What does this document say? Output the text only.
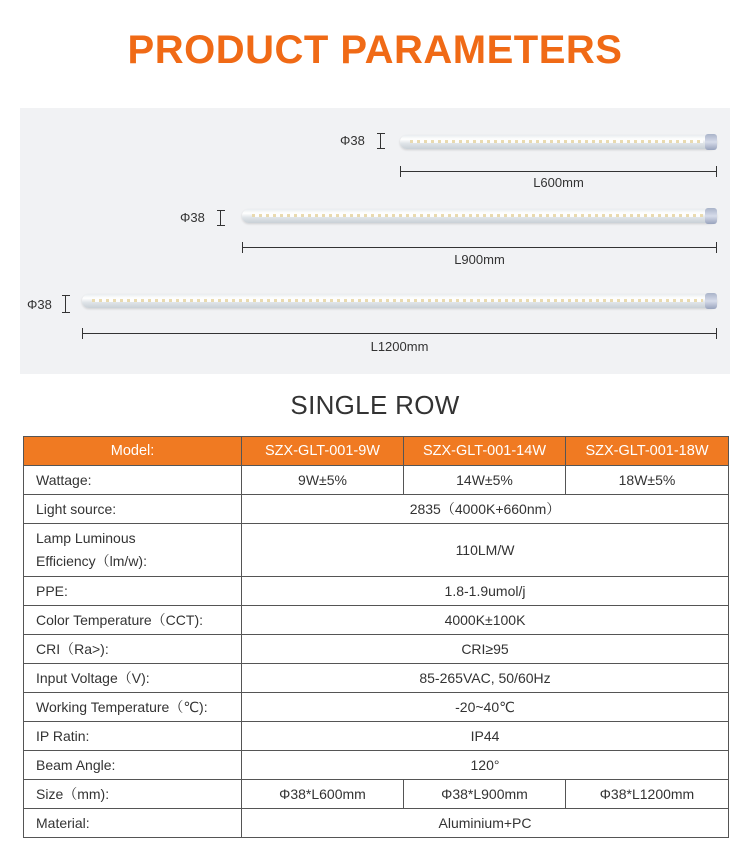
PRODUCT PARAMETERS
Φ38
L600mm
Φ38
L900mm
Φ38
L1200mm
SINGLE ROW
Model:	SZX-GLT-001-9W	SZX-GLT-001-14W	SZX-GLT-001-18W
Wattage:	9W±5%	14W±5%	18W±5%
Light source:	2835（4000K+660nm）		
Lamp Luminous
Efficiency（lm/w):	110LM/W		
PPE:	1.8-1.9umol/j		
Color Temperature（CCT):	4000K±100K		
CRI（Ra>):	CRI≥95		
Input Voltage（V):	85-265VAC, 50/60Hz		
Working Temperature（℃):	-20~40℃		
IP Ratin:	IP44		
Beam Angle:	120°		
Size（mm):	Φ38*L600mm	Φ38*L900mm	Φ38*L1200mm
Material:	Aluminium+PC		
